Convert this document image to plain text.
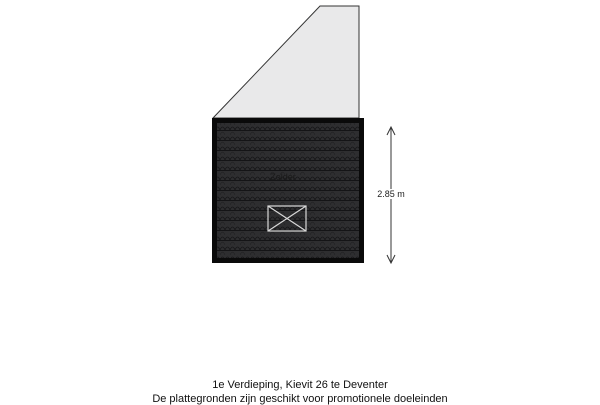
Zolder
2.85 m
1e Verdieping, Kievit 26 te Deventer
De plattegronden zijn geschikt voor promotionele doeleinden
